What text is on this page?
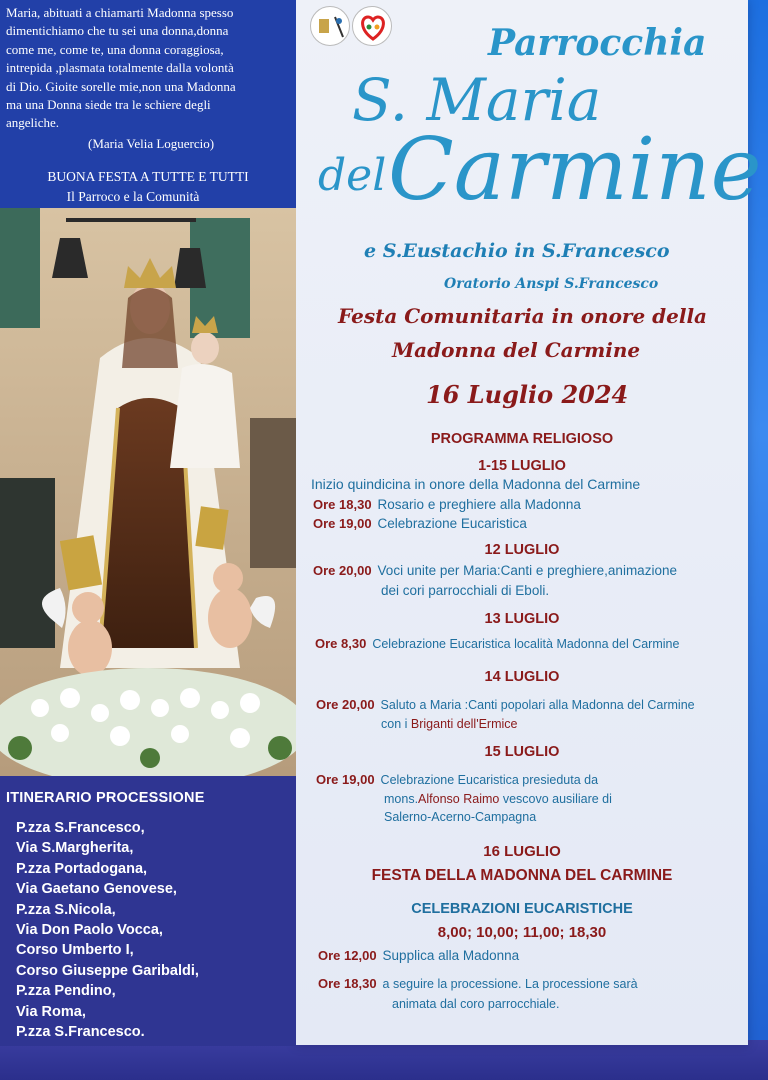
Maria, abituati a chiamarti Madonna spesso
dimentichiamo che tu sei una donna,donna
come me, come te, una donna coraggiosa,
intrepida ,plasmata totalmente dalla volontà
di Dio. Gioite sorelle mie,non una Madonna
ma una Donna siede tra le schiere degli
angeliche.
(Maria Velia Loguercio)
BUONA FESTA A TUTTE E TUTTI
Il Parroco e la Comunità
ITINERARIO PROCESSIONE
P.zza S.Francesco,
Via S.Margherita,
P.zza Portadogana,
Via Gaetano Genovese,
P.zza S.Nicola,
Via Don Paolo Vocca,
Corso Umberto I,
Corso Giuseppe Garibaldi,
P.zza Pendino,
Via Roma,
P.zza S.Francesco.
Parrocchia
S. Maria
Carmine
del
e S.Eustachio in S.Francesco
Oratorio Anspi S.Francesco
Festa Comunitaria in onore della
Madonna del Carmine
16 Luglio 2024
PROGRAMMA RELIGIOSO
1-15 LUGLIO
Inizio quindicina in onore della Madonna del Carmine
Ore 18,30 Rosario e preghiere alla Madonna
Ore 19,00 Celebrazione Eucaristica
12 LUGLIO
Ore 20,00 Voci unite per Maria:Canti e preghiere,animazione
dei cori parrocchiali di Eboli.
13 LUGLIO
Ore 8,30 Celebrazione Eucaristica località Madonna del Carmine
14 LUGLIO
Ore 20,00 Saluto a Maria :Canti popolari alla Madonna del Carmine
con i Briganti dell'Ermice
15 LUGLIO
Ore 19,00 Celebrazione Eucaristica presieduta da
mons.Alfonso Raimo vescovo ausiliare di
Salerno-Acerno-Campagna
16 LUGLIO
FESTA DELLA MADONNA DEL CARMINE
CELEBRAZIONI EUCARISTICHE
8,00; 10,00; 11,00; 18,30
Ore 12,00 Supplica alla Madonna
Ore 18,30 a seguire la processione. La processione sarà
animata dal coro parrocchiale.
